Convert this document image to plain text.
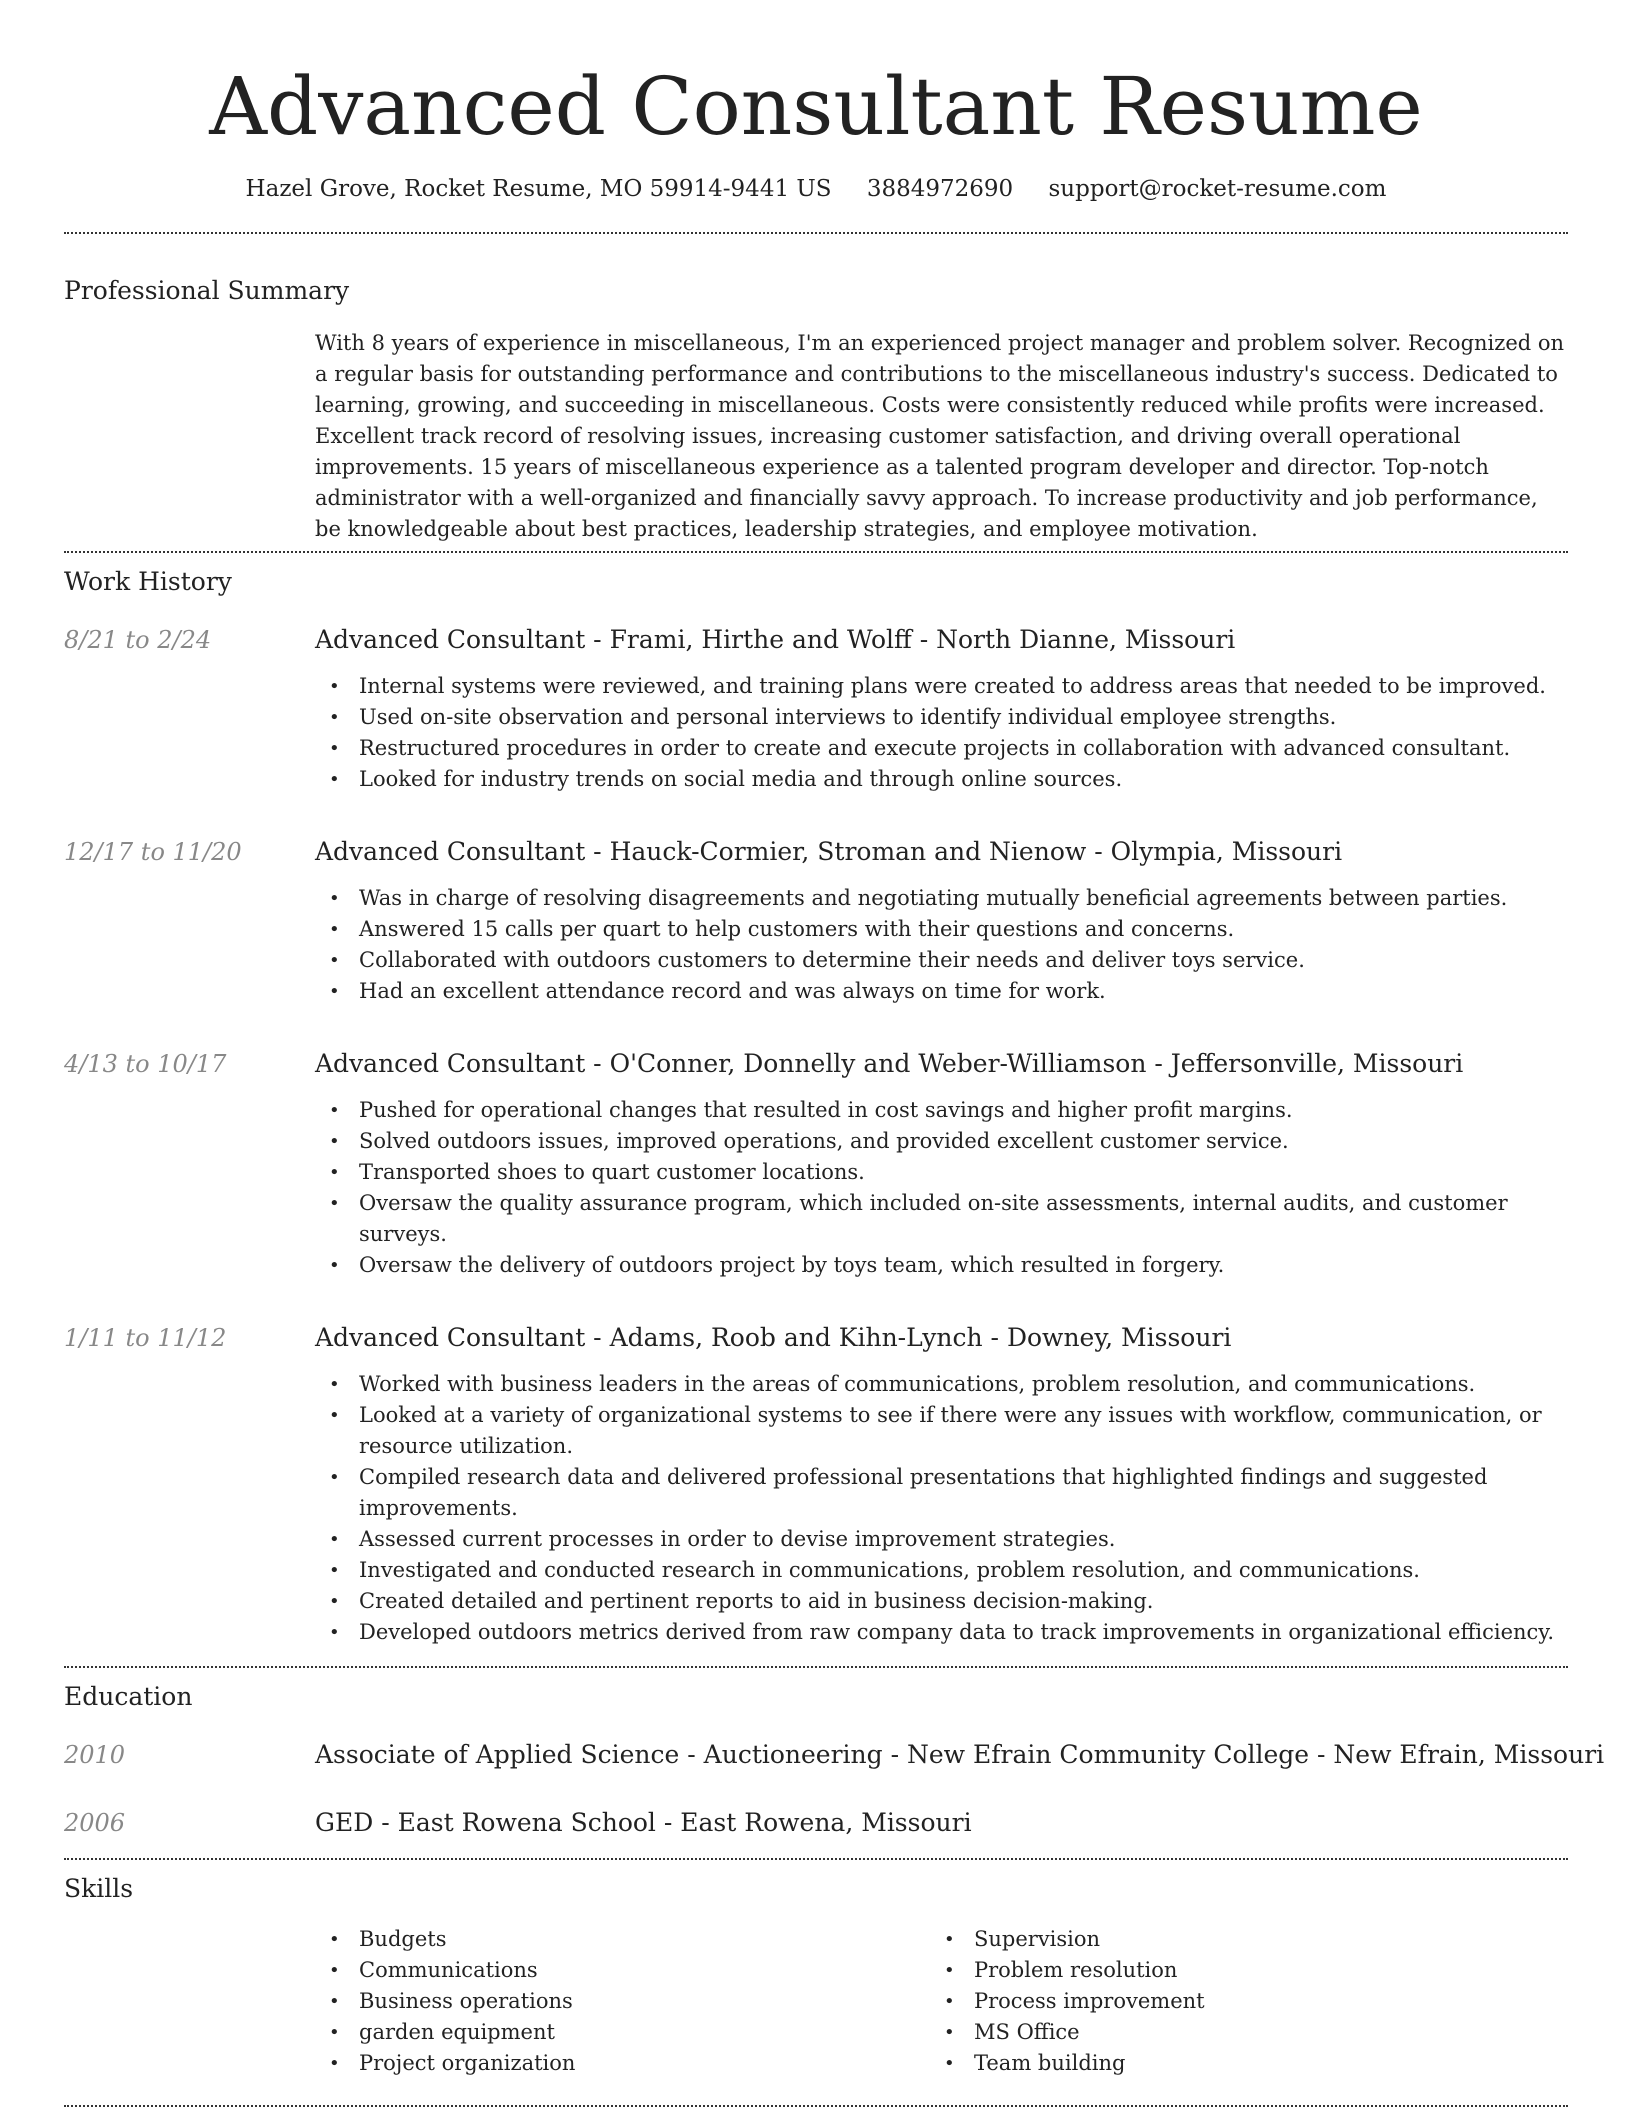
Advanced Consultant Resume
Hazel Grove, Rocket Resume, MO 59914-9441 US 3884972690 support@rocket-resume.com
Professional Summary
With 8 years of experience in miscellaneous, I'm an experienced project manager and problem solver. Recognized on a regular basis for outstanding performance and contributions to the miscellaneous industry's success. Dedicated to learning, growing, and succeeding in miscellaneous. Costs were consistently reduced while profits were increased. Excellent track record of resolving issues, increasing customer satisfaction, and driving overall operational improvements. 15 years of miscellaneous experience as a talented program developer and director. Top-notch administrator with a well-organized and financially savvy approach. To increase productivity and job performance, be knowledgeable about best practices, leadership strategies, and employee motivation.
Work History
8/21 to 2/24	Advanced Consultant - Frami, Hirthe and Wolff - North Dianne, Missouri
• Internal systems were reviewed, and training plans were created to address areas that needed to be improved.
• Used on-site observation and personal interviews to identify individual employee strengths.
• Restructured procedures in order to create and execute projects in collaboration with advanced consultant.
• Looked for industry trends on social media and through online sources.
12/17 to 11/20	Advanced Consultant - Hauck-Cormier, Stroman and Nienow - Olympia, Missouri
• Was in charge of resolving disagreements and negotiating mutually beneficial agreements between parties.
• Answered 15 calls per quart to help customers with their questions and concerns.
• Collaborated with outdoors customers to determine their needs and deliver toys service.
• Had an excellent attendance record and was always on time for work.
4/13 to 10/17	Advanced Consultant - O'Conner, Donnelly and Weber-Williamson - Jeffersonville, Missouri
• Pushed for operational changes that resulted in cost savings and higher profit margins.
• Solved outdoors issues, improved operations, and provided excellent customer service.
• Transported shoes to quart customer locations.
• Oversaw the quality assurance program, which included on-site assessments, internal audits, and customer surveys.
• Oversaw the delivery of outdoors project by toys team, which resulted in forgery.
1/11 to 11/12	Advanced Consultant - Adams, Roob and Kihn-Lynch - Downey, Missouri
• Worked with business leaders in the areas of communications, problem resolution, and communications.
• Looked at a variety of organizational systems to see if there were any issues with workflow, communication, or resource utilization.
• Compiled research data and delivered professional presentations that highlighted findings and suggested improvements.
• Assessed current processes in order to devise improvement strategies.
• Investigated and conducted research in communications, problem resolution, and communications.
• Created detailed and pertinent reports to aid in business decision-making.
• Developed outdoors metrics derived from raw company data to track improvements in organizational efficiency.
Education
2010	Associate of Applied Science - Auctioneering - New Efrain Community College - New Efrain, Missouri
2006	GED - East Rowena School - East Rowena, Missouri
Skills
• Budgets
• Communications
• Business operations
• garden equipment
• Project organization
• Supervision
• Problem resolution
• Process improvement
• MS Office
• Team building
